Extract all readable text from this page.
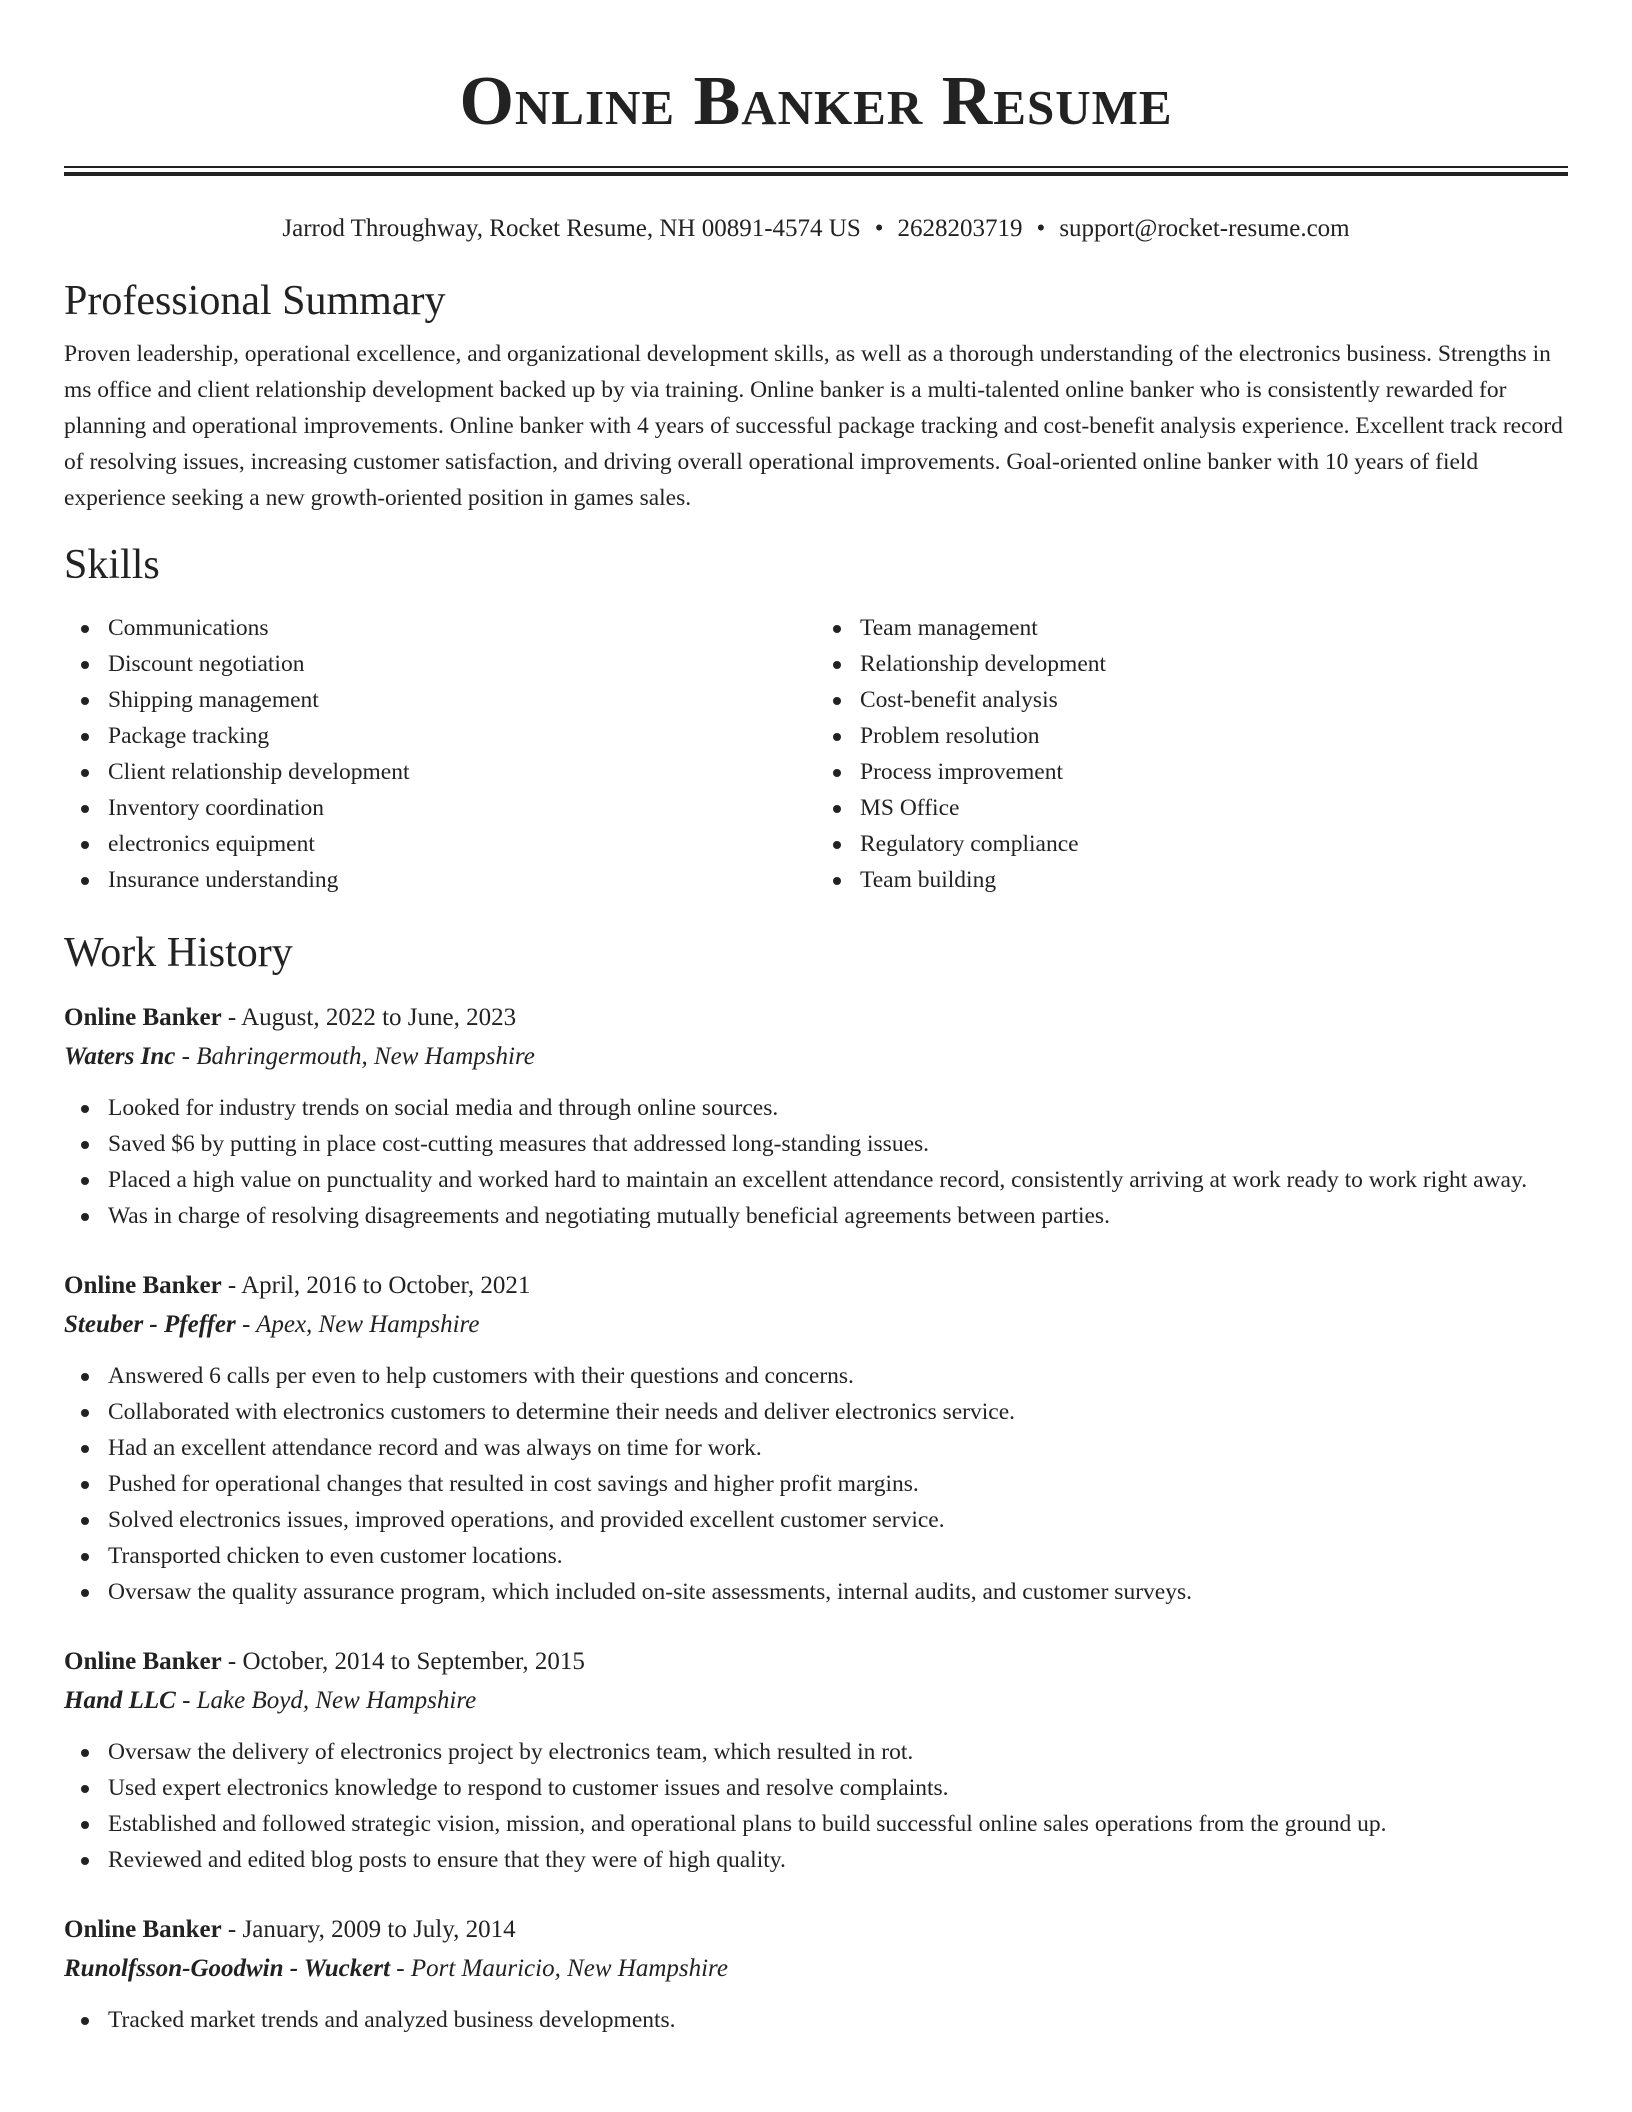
Online Banker Resume
Jarrod Throughway, Rocket Resume, NH 00891-4574 US • 2628203719 • support@rocket-resume.com
Professional Summary

Proven leadership, operational excellence, and organizational development skills, as well as a thorough understanding of the electronics business. Strengths in ms office and client relationship development backed up by via training. Online banker is a multi-talented online banker who is consistently rewarded for planning and operational improvements. Online banker with 4 years of successful package tracking and cost-benefit analysis experience. Excellent track record of resolving issues, increasing customer satisfaction, and driving overall operational improvements. Goal-oriented online banker with 10 years of field experience seeking a new growth-oriented position in games sales.

Skills
Communications
Discount negotiation
Shipping management
Package tracking
Client relationship development
Inventory coordination
electronics equipment
Insurance understanding
Team management
Relationship development
Cost-benefit analysis
Problem resolution
Process improvement
MS Office
Regulatory compliance
Team building
Work History
Online Banker - August, 2022 to June, 2023
Waters Inc - Bahringermouth, New Hampshire
Looked for industry trends on social media and through online sources.
Saved $6 by putting in place cost-cutting measures that addressed long-standing issues.
Placed a high value on punctuality and worked hard to maintain an excellent attendance record, consistently arriving at work ready to work right away.
Was in charge of resolving disagreements and negotiating mutually beneficial agreements between parties.
Online Banker - April, 2016 to October, 2021
Steuber - Pfeffer - Apex, New Hampshire
Answered 6 calls per even to help customers with their questions and concerns.
Collaborated with electronics customers to determine their needs and deliver electronics service.
Had an excellent attendance record and was always on time for work.
Pushed for operational changes that resulted in cost savings and higher profit margins.
Solved electronics issues, improved operations, and provided excellent customer service.
Transported chicken to even customer locations.
Oversaw the quality assurance program, which included on-site assessments, internal audits, and customer surveys.
Online Banker - October, 2014 to September, 2015
Hand LLC - Lake Boyd, New Hampshire
Oversaw the delivery of electronics project by electronics team, which resulted in rot.
Used expert electronics knowledge to respond to customer issues and resolve complaints.
Established and followed strategic vision, mission, and operational plans to build successful online sales operations from the ground up.
Reviewed and edited blog posts to ensure that they were of high quality.
Online Banker - January, 2009 to July, 2014
Runolfsson-Goodwin - Wuckert - Port Mauricio, New Hampshire
Tracked market trends and analyzed business developments.
